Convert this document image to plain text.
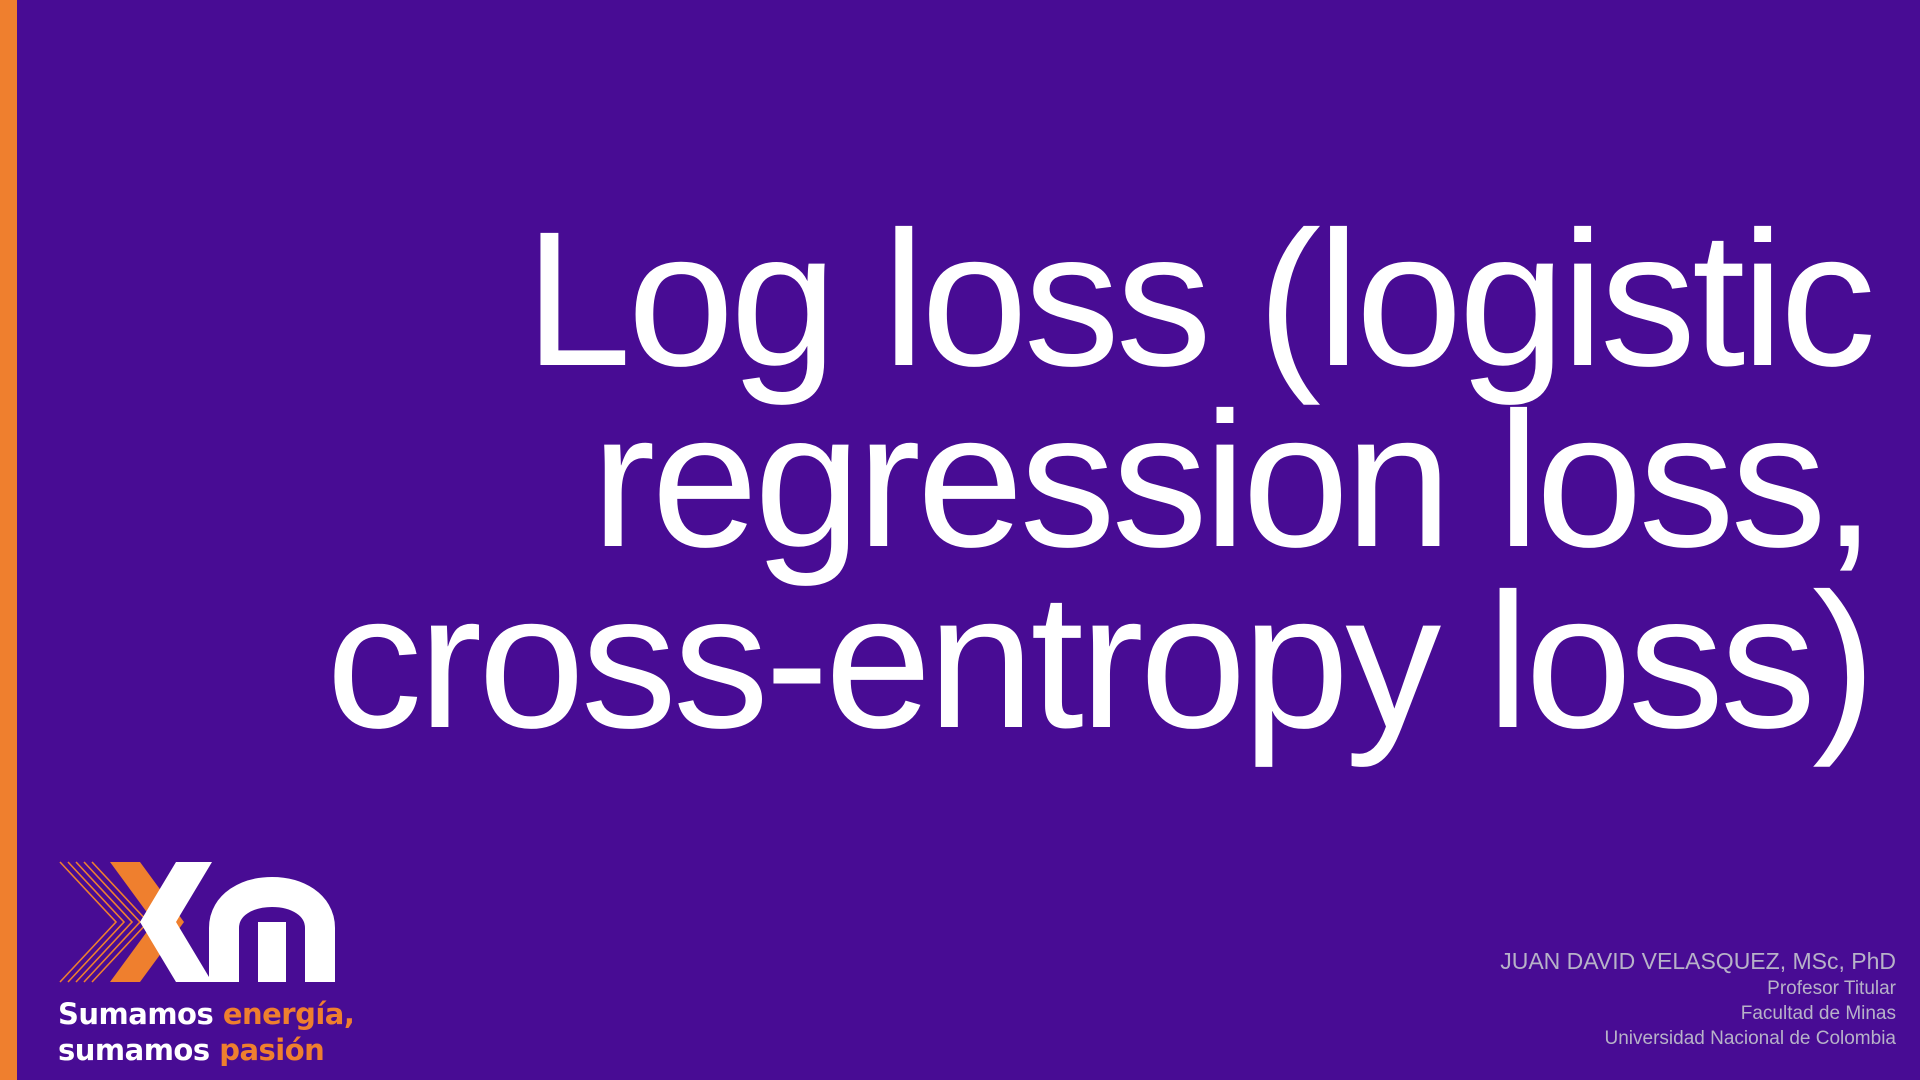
Log loss (logistic
regression loss,
cross-entropy loss)
Sumamos energía,
sumamos pasión
JUAN DAVID VELASQUEZ, MSc, PhD
Profesor Titular
Facultad de Minas
Universidad Nacional de Colombia
